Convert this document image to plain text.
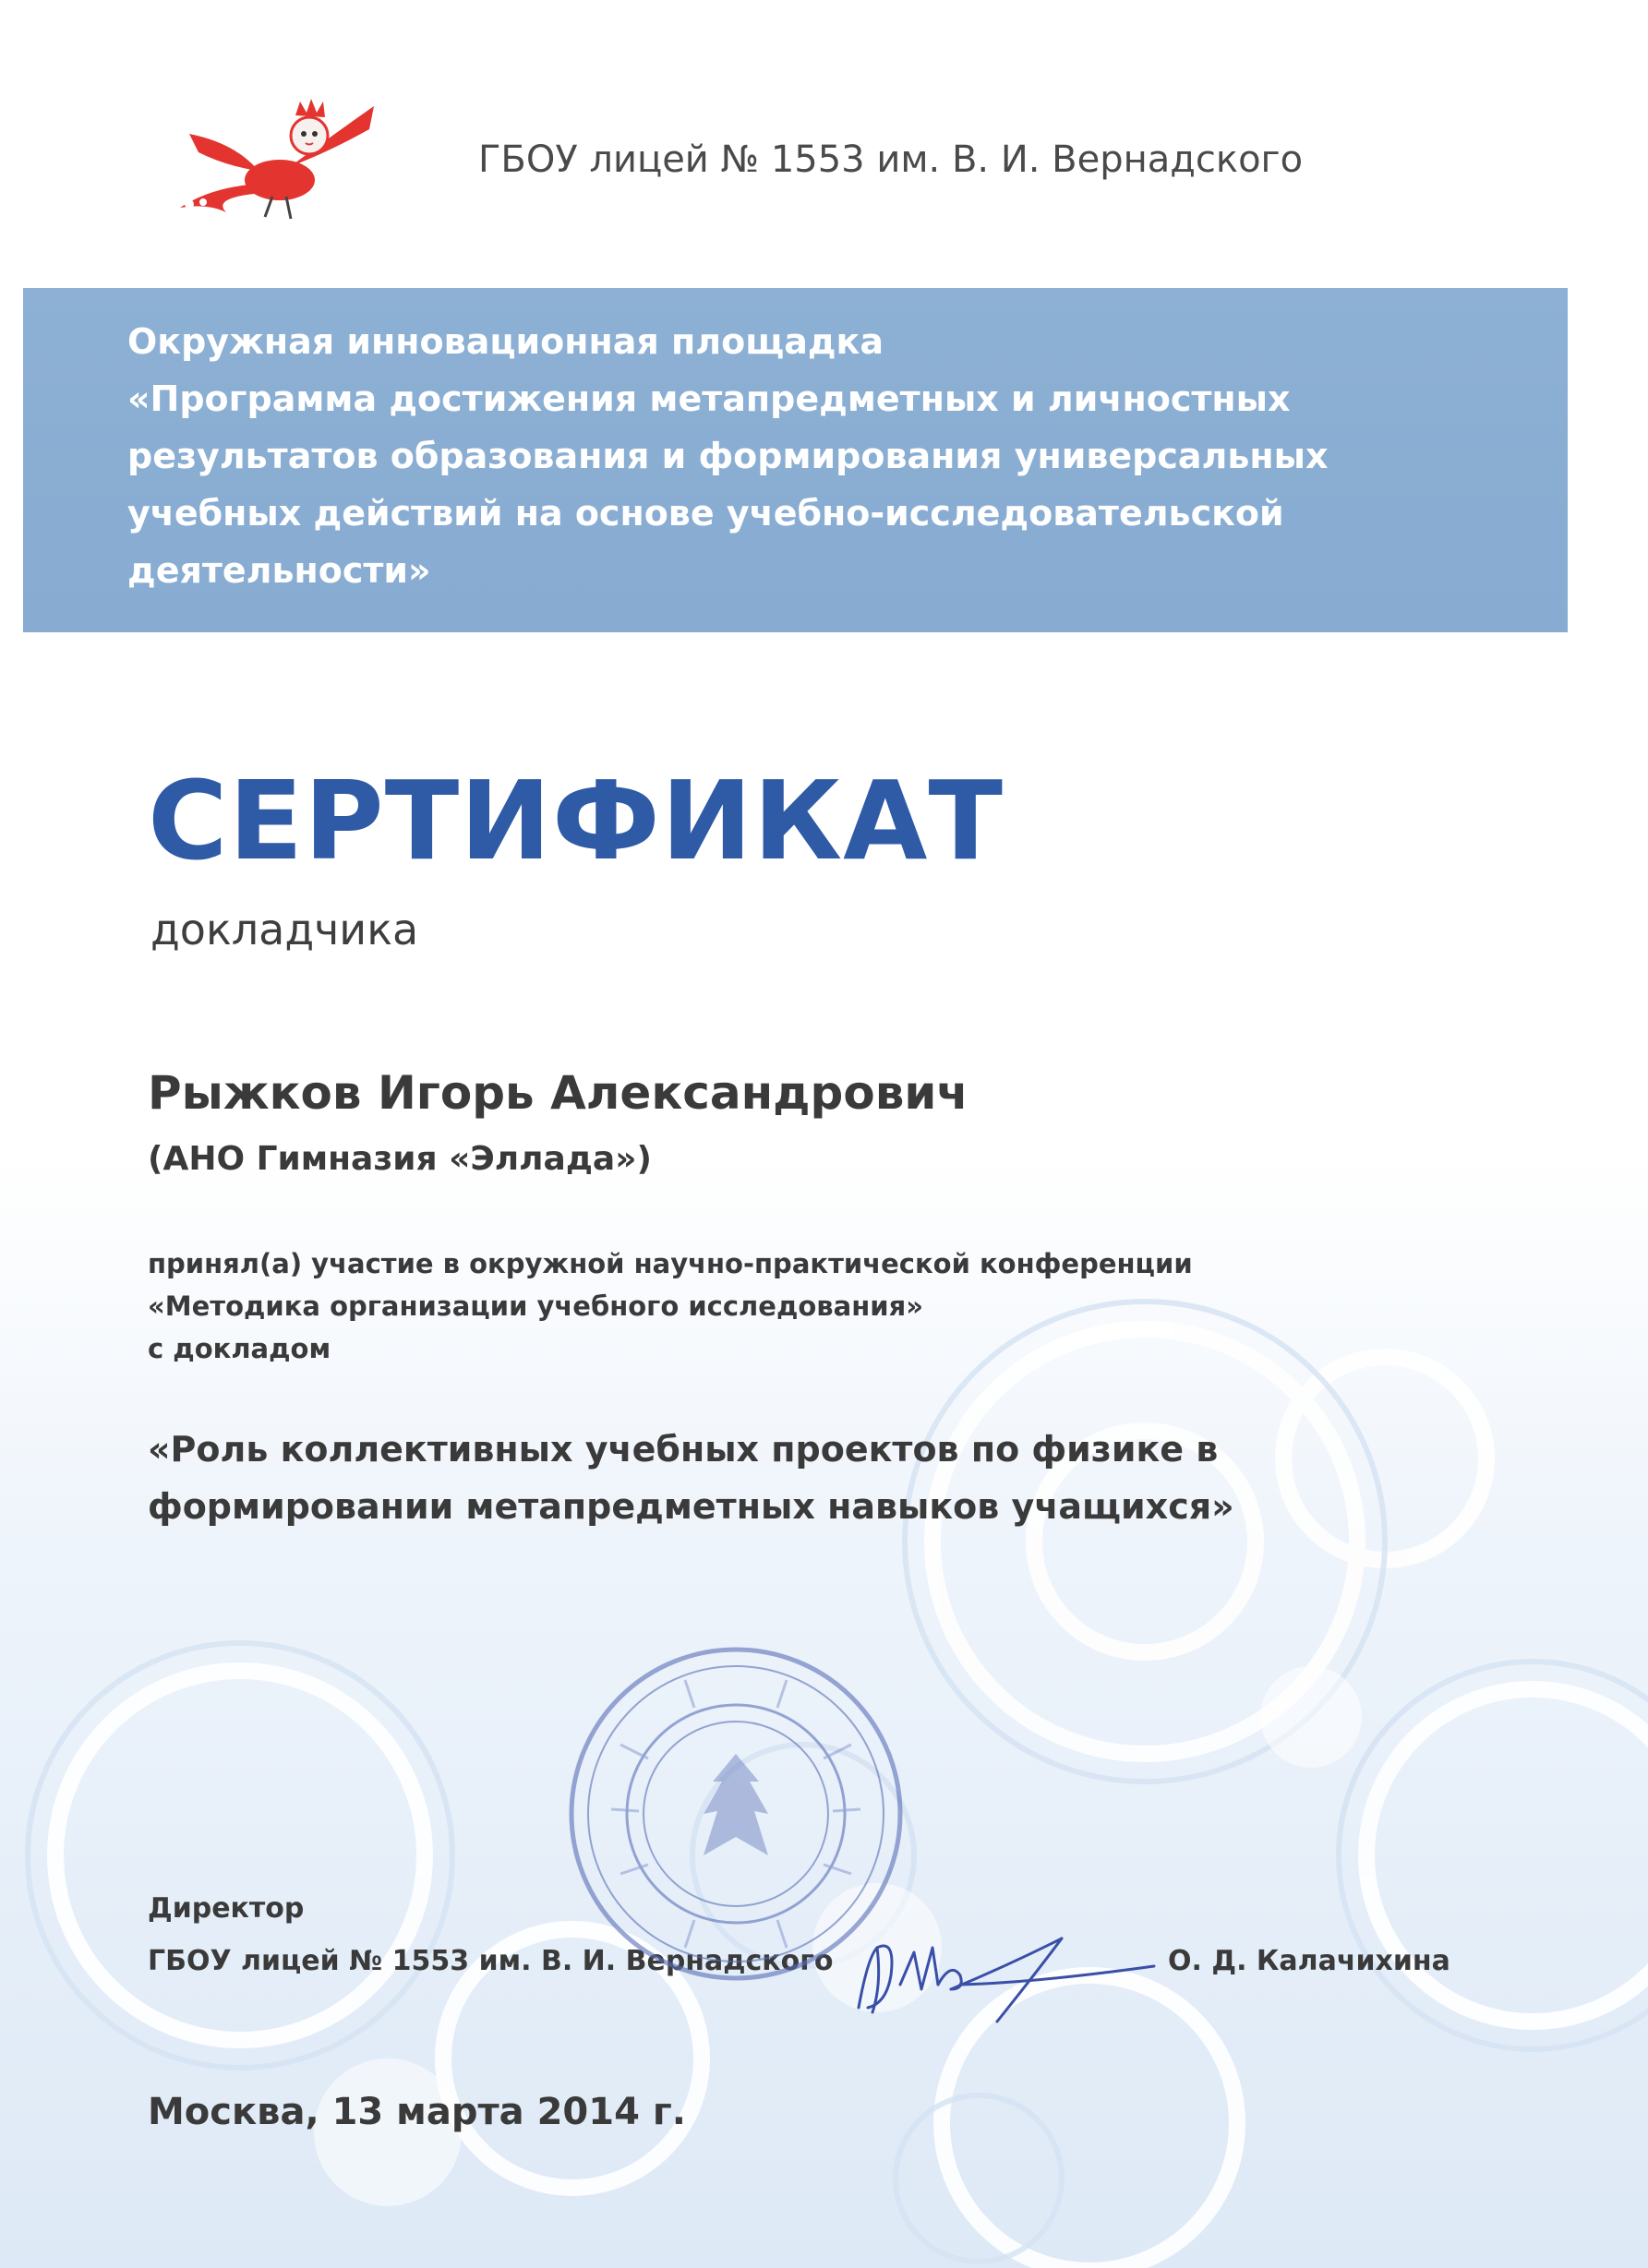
ГБОУ лицей № 1553 им. В. И. Вернадского
Окружная инновационная площадка
«Программа достижения метапредметных и личностных
результатов образования и формирования универсальных
учебных действий на основе учебно-исследовательской
деятельности»
СЕРТИФИКАТ
докладчика
Рыжков Игорь Александрович
(АНО Гимназия «Эллада»)
принял(а) участие в окружной научно-практической конференции
«Методика организации учебного исследования»
с докладом
«Роль коллективных учебных проектов по физике в
формировании метапредметных навыков учащихся»
Директор
ГБОУ лицей № 1553 им. В. И. Вернадского	О. Д. Калачихина
Москва, 13 марта 2014 г.
